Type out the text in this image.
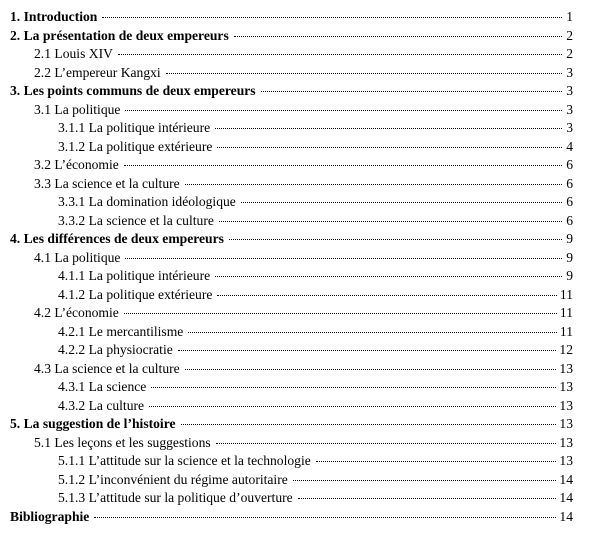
1. Introduction	1
2. La présentation de deux empereurs	2
2.1 Louis XIV	2
2.2 L’empereur Kangxi	3
3. Les points communs de deux empereurs	3
3.1 La politique	3
3.1.1 La politique intérieure	3
3.1.2 La politique extérieure	4
3.2 L’économie	6
3.3 La science et la culture	6
3.3.1 La domination idéologique	6
3.3.2 La science et la culture	6
4. Les différences de deux empereurs	9
4.1 La politique	9
4.1.1 La politique intérieure	9
4.1.2 La politique extérieure	11
4.2 L’économie	11
4.2.1 Le mercantilisme	11
4.2.2 La physiocratie	12
4.3 La science et la culture	13
4.3.1 La science	13
4.3.2 La culture	13
5. La suggestion de l’histoire	13
5.1 Les leçons et les suggestions	13
5.1.1 L’attitude sur la science et la technologie	13
5.1.2 L’inconvénient du régime autoritaire	14
5.1.3 L’attitude sur la politique d’ouverture	14
Bibliographie	14
